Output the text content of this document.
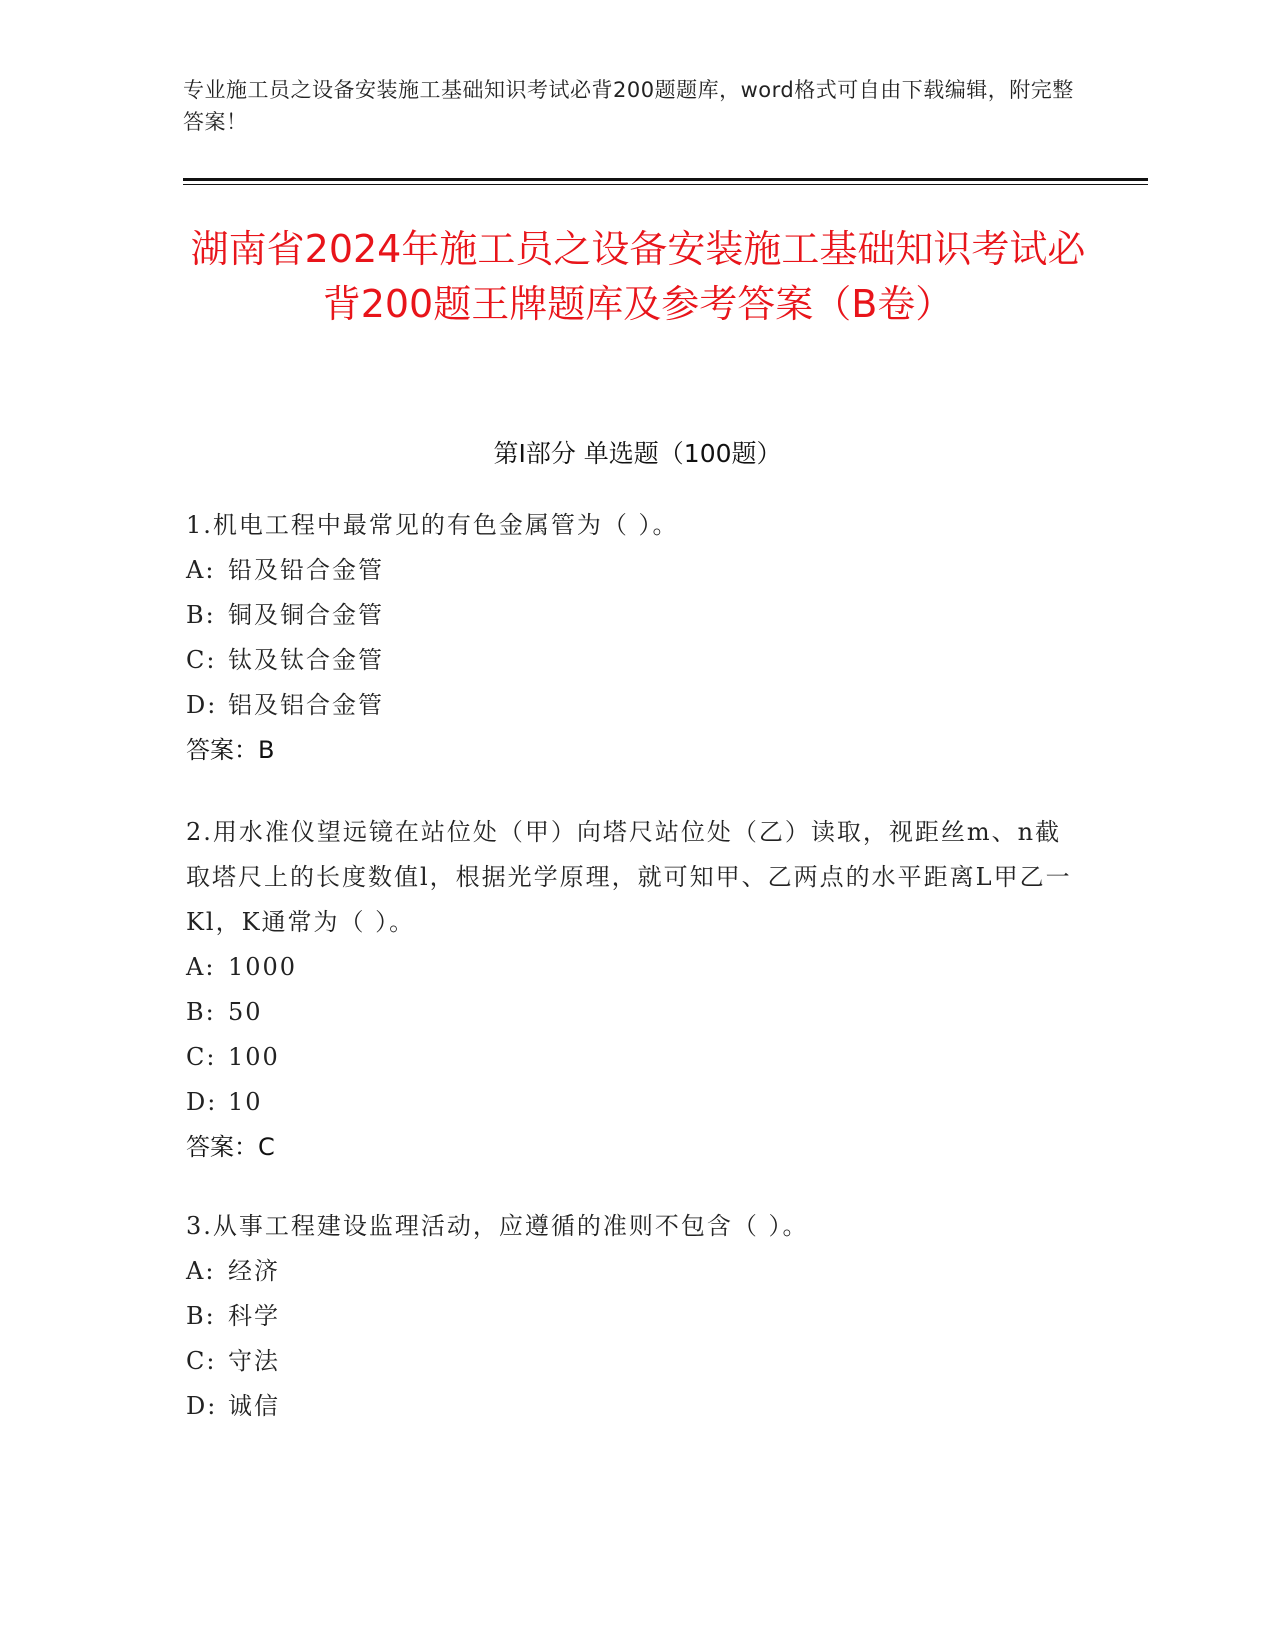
专业施工员之设备安装施工基础知识考试必背200题题库，word格式可自由下载编辑，附完整答案！
湖南省2024年施工员之设备安装施工基础知识考试必背200题王牌题库及参考答案（B卷）
第Ⅰ部分 单选题（100题）

1.机电工程中最常见的有色金属管为（ ）。

A: 铅及铅合金管

B: 铜及铜合金管

C: 钛及钛合金管

D: 铝及铝合金管

答案：B

2.用水准仪望远镜在站位处（甲）向塔尺站位处（乙）读取，视距丝m、n截取塔尺上的长度数值l，根据光学原理，就可知甲、乙两点的水平距离L甲乙一Kl，K通常为（ ）。

A: 1000

B: 50

C: 100

D: 10

答案：C

3.从事工程建设监理活动，应遵循的准则不包含（ ）。

A: 经济

B: 科学

C: 守法

D: 诚信
